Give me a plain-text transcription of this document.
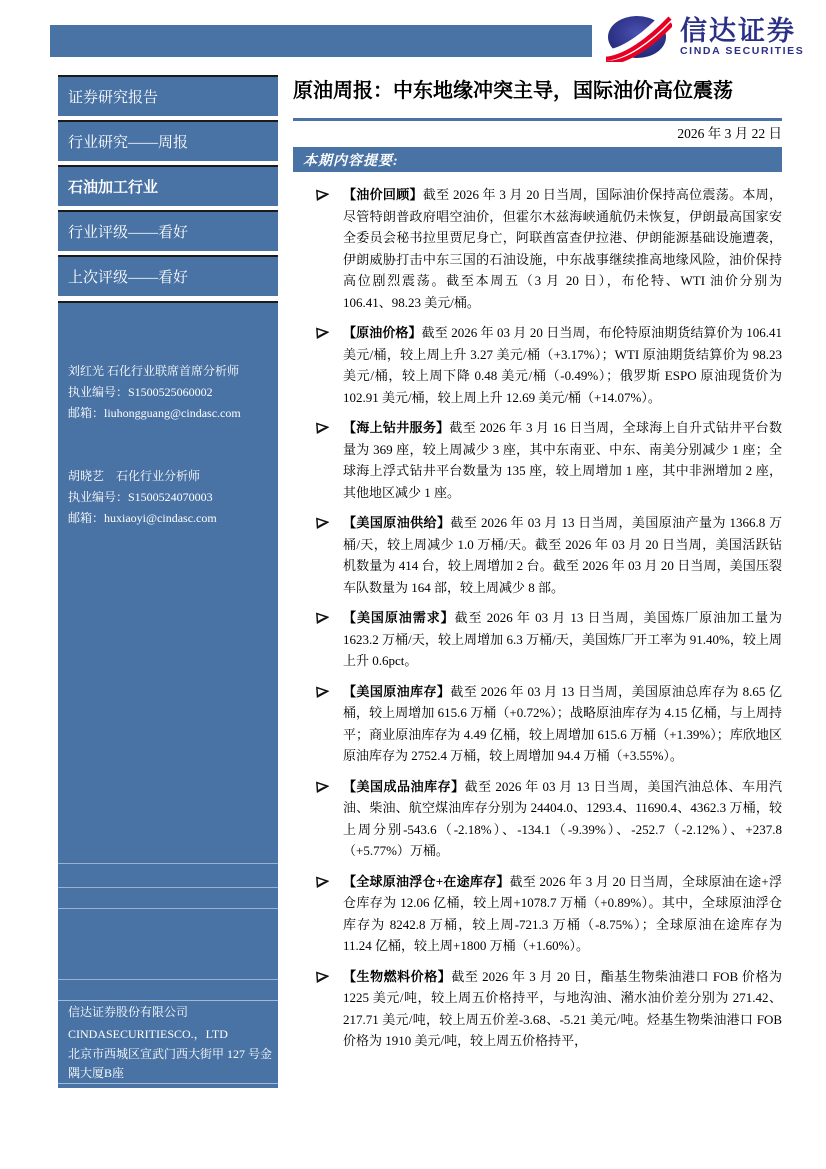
信达证券
CINDA SECURITIES
证券研究报告
行业研究——周报
石油加工行业
行业评级——看好
上次评级——看好
刘红光 石化行业联席首席分析师
执业编号：S1500525060002
邮箱：liuhongguang@cindasc.com
胡晓艺　石化行业分析师
执业编号：S1500524070003
邮箱：huxiaoyi@cindasc.com
信达证券股份有限公司
CINDASECURITIESCO.，LTD
北京市西城区宣武门西大街甲 127 号金隅大厦B座
邮编：100031
原油周报：中东地缘冲突主导，国际油价高位震荡
2026 年 3 月 22 日
本期内容提要:
【油价回顾】截至 2026 年 3 月 20 日当周，国际油价保持高位震荡。本周，尽管特朗普政府唱空油价，但霍尔木兹海峡通航仍未恢复，伊朗最高国家安全委员会秘书拉里贾尼身亡，阿联酋富查伊拉港、伊朗能源基础设施遭袭，伊朗威胁打击中东三国的石油设施，中东战事继续推高地缘风险，油价保持高位剧烈震荡。截至本周五（3 月 20 日），布伦特、WTI 油价分别为 106.41、98.23 美元/桶。
【原油价格】截至 2026 年 03 月 20 日当周，布伦特原油期货结算价为 106.41 美元/桶，较上周上升 3.27 美元/桶（+3.17%）；WTI 原油期货结算价为 98.23 美元/桶，较上周下降 0.48 美元/桶（-0.49%）；俄罗斯 ESPO 原油现货价为 102.91 美元/桶，较上周上升 12.69 美元/桶（+14.07%）。
【海上钻井服务】截至 2026 年 3 月 16 日当周，全球海上自升式钻井平台数量为 369 座，较上周减少 3 座，其中东南亚、中东、南美分别减少 1 座；全球海上浮式钻井平台数量为 135 座，较上周增加 1 座，其中非洲增加 2 座，其他地区减少 1 座。
【美国原油供给】截至 2026 年 03 月 13 日当周，美国原油产量为 1366.8 万桶/天，较上周减少 1.0 万桶/天。截至 2026 年 03 月 20 日当周，美国活跃钻机数量为 414 台，较上周增加 2 台。截至 2026 年 03 月 20 日当周，美国压裂车队数量为 164 部，较上周减少 8 部。
【美国原油需求】截至 2026 年 03 月 13 日当周，美国炼厂原油加工量为 1623.2 万桶/天，较上周增加 6.3 万桶/天，美国炼厂开工率为 91.40%，较上周上升 0.6pct。
【美国原油库存】截至 2026 年 03 月 13 日当周，美国原油总库存为 8.65 亿桶，较上周增加 615.6 万桶（+0.72%）；战略原油库存为 4.15 亿桶，与上周持平；商业原油库存为 4.49 亿桶，较上周增加 615.6 万桶（+1.39%）；库欣地区原油库存为 2752.4 万桶，较上周增加 94.4 万桶（+3.55%）。
【美国成品油库存】截至 2026 年 03 月 13 日当周，美国汽油总体、车用汽油、柴油、航空煤油库存分别为 24404.0、1293.4、11690.4、4362.3 万桶，较上周分别-543.6（-2.18%）、-134.1（-9.39%）、-252.7（-2.12%）、+237.8（+5.77%）万桶。
【全球原油浮仓+在途库存】截至 2026 年 3 月 20 日当周，全球原油在途+浮仓库存为 12.06 亿桶，较上周+1078.7 万桶（+0.89%）。其中，全球原油浮仓库存为 8242.8 万桶，较上周-721.3 万桶（-8.75%）；全球原油在途库存为 11.24 亿桶，较上周+1800 万桶（+1.60%）。
【生物燃料价格】截至 2026 年 3 月 20 日，酯基生物柴油港口 FOB 价格为 1225 美元/吨，较上周五价格持平，与地沟油、潲水油价差分别为 271.42、217.71 美元/吨，较上周五价差-3.68、-5.21 美元/吨。烃基生物柴油港口 FOB 价格为 1910 美元/吨，较上周五价格持平，
